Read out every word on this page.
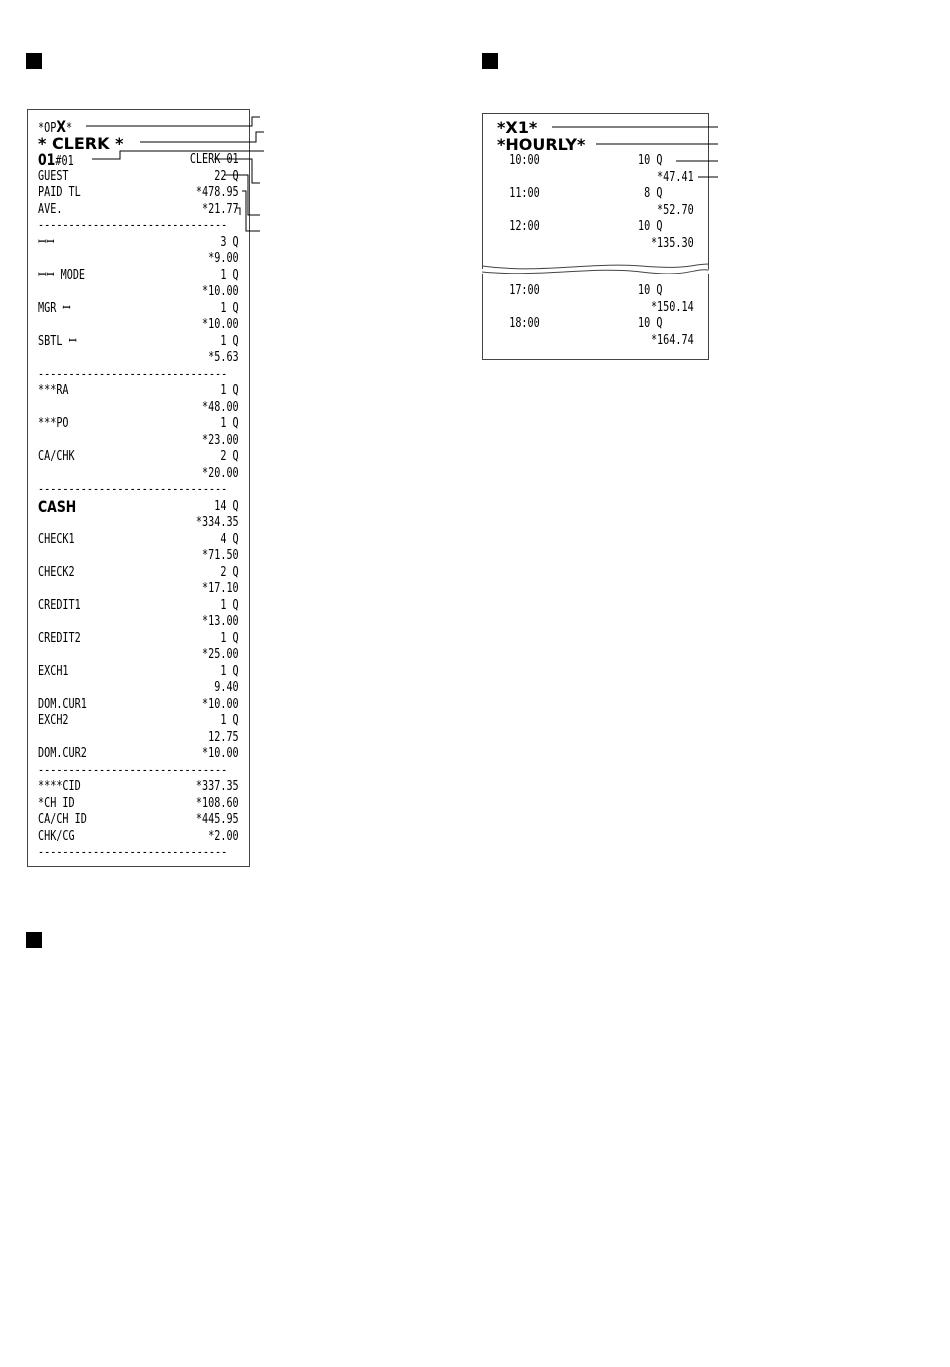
*OPX*
* CLERK *
01#01	CLERK 01
GUEST	22 Q
PAID TL	*478.95
AVE.	*21.77
-------------------------------
ꟷꟷ	3 Q
*9.00
ꟷꟷ MODE	1 Q
*10.00
MGR ꟷ	1 Q
*10.00
SBTL ꟷ	1 Q
*5.63
-------------------------------
***RA	1 Q
*48.00
***PO	1 Q
*23.00
CA/CHK	2 Q
*20.00
-------------------------------
CASH	14 Q
*334.35
CHECK1	4 Q
*71.50
CHECK2	2 Q
*17.10
CREDIT1	1 Q
*13.00
CREDIT2	1 Q
*25.00
EXCH1	1 Q
9.40
DOM.CUR1	*10.00
EXCH2	1 Q
12.75
DOM.CUR2	*10.00
-------------------------------
****CID	*337.35
*CH ID	*108.60
CA/CH ID	*445.95
CHK/CG	*2.00
-------------------------------
*X1*
*HOURLY*
10:00	10 Q
*47.41
11:00	8 Q
*52.70
12:00	10 Q
*135.30
17:00	10 Q
*150.14
18:00	10 Q
*164.74
